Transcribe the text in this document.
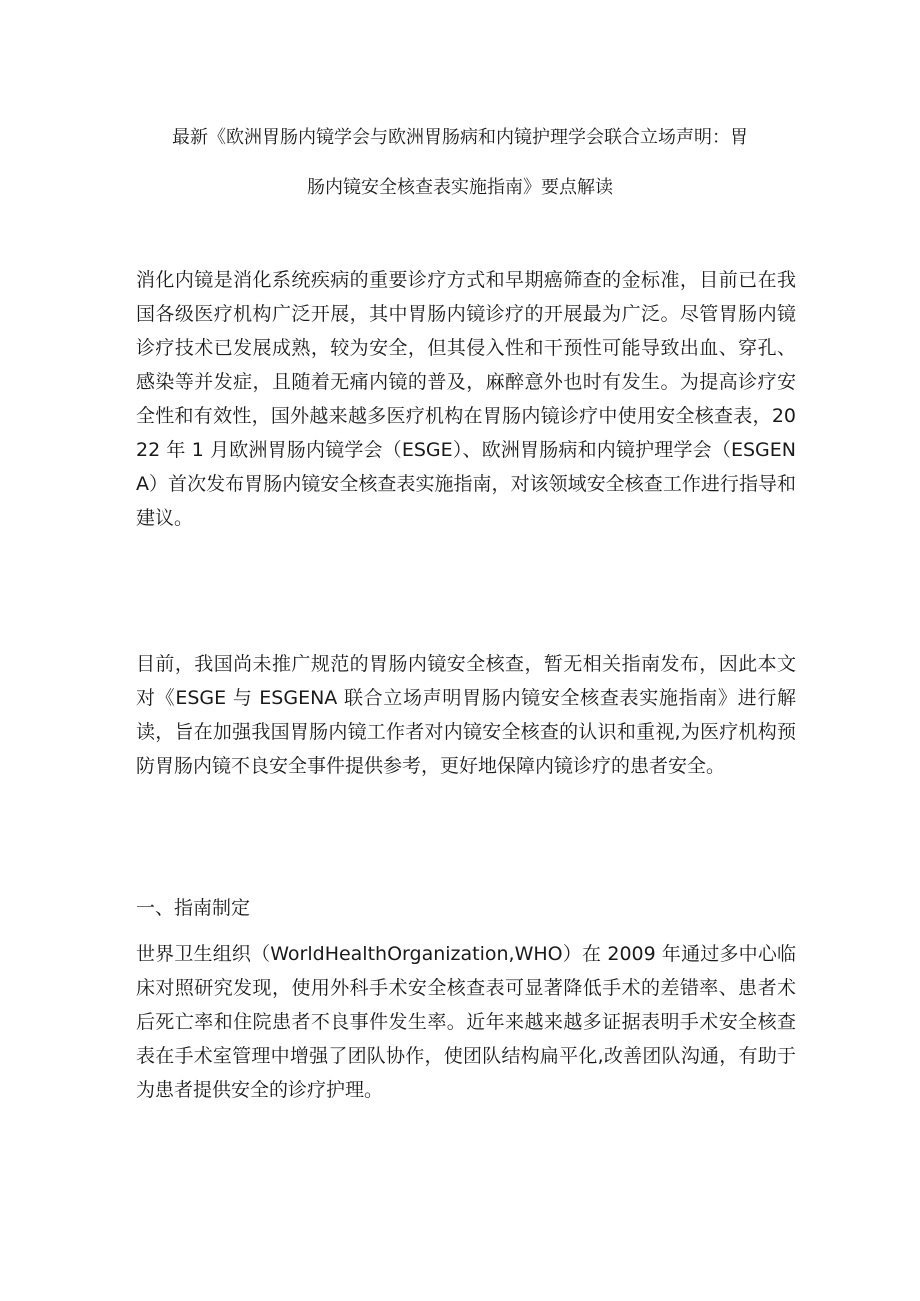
最新《欧洲胃肠内镜学会与欧洲胃肠病和内镜护理学会联合立场声明：胃
肠内镜安全核查表实施指南》要点解读

消化内镜是消化系统疾病的重要诊疗方式和早期癌筛查的金标准，目前已在我国各级医疗机构广泛开展，其中胃肠内镜诊疗的开展最为广泛。尽管胃肠内镜诊疗技术已发展成熟，较为安全，但其侵入性和干预性可能导致出血、穿孔、感染等并发症，且随着无痛内镜的普及，麻醉意外也时有发生。为提高诊疗安全性和有效性，国外越来越多医疗机构在胃肠内镜诊疗中使用安全核查表，2022 年 1 月欧洲胃肠内镜学会（ESGE）、欧洲胃肠病和内镜护理学会（ESGENA）首次发布胃肠内镜安全核查表实施指南，对该领域安全核查工作进行指导和建议。

目前，我国尚未推广规范的胃肠内镜安全核查，暂无相关指南发布，因此本文对《ESGE 与 ESGENA 联合立场声明胃肠内镜安全核查表实施指南》进行解读，旨在加强我国胃肠内镜工作者对内镜安全核查的认识和重视,为医疗机构预防胃肠内镜不良安全事件提供参考，更好地保障内镜诊疗的患者安全。

一、指南制定

世界卫生组织（WorldHealthOrganization,WHO）在 2009 年通过多中心临床对照研究发现，使用外科手术安全核查表可显著降低手术的差错率、患者术后死亡率和住院患者不良事件发生率。近年来越来越多证据表明手术安全核查表在手术室管理中增强了团队协作，使团队结构扁平化,改善团队沟通，有助于为患者提供安全的诊疗护理。
